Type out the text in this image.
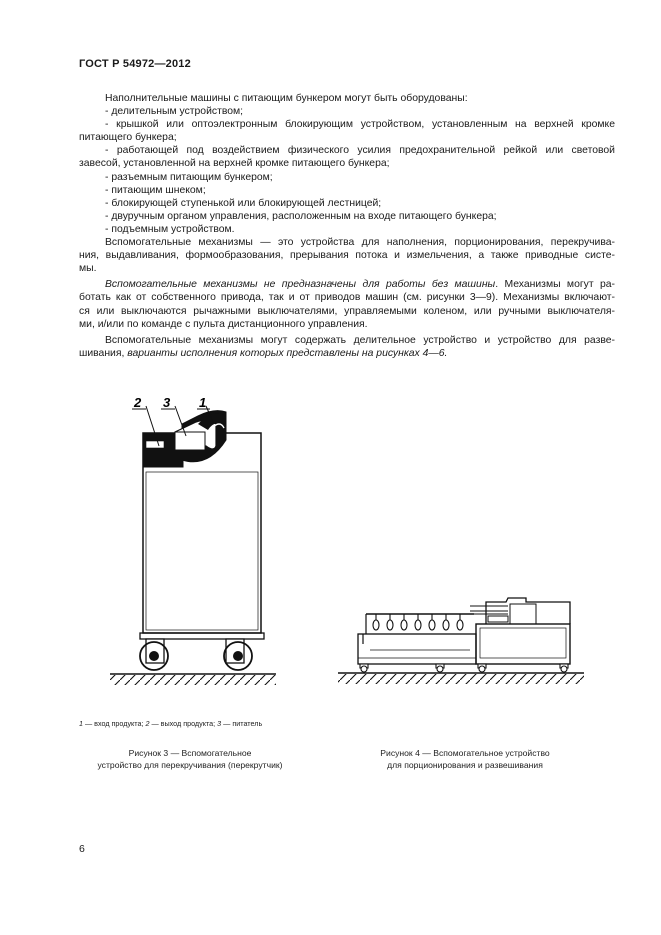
ГОСТ Р 54972—2012
Наполнительные машины с питающим бункером могут быть оборудованы:
- делительным устройством;
- крышкой или оптоэлектронным блокирующим устройством, установленным на верхней кромке
питающего бункера;
- работающей под воздействием физического усилия предохранительной рейкой или световой
завесой, установленной на верхней кромке питающего бункера;
- разъемным питающим бункером;
- питающим шнеком;
- блокирующей ступенькой или блокирующей лестницей;
- двуручным органом управления, расположенным на входе питающего бункера;
- подъемным устройством.
Вспомогательные механизмы — это устройства для наполнения, порционирования, перекручива-
ния, выдавливания, формообразования, прерывания потока и измельчения, а также приводные систе-
мы.
Вспомогательные механизмы не предназначены для работы без машины. Механизмы могут ра-
ботать как от собственного привода, так и от приводов машин (см. рисунки 3—9). Механизмы включают-
ся или выключаются рычажными выключателями, управляемыми коленом, или ручными выключателя-
ми, и/или по команде с пульта дистанционного управления.
Вспомогательные механизмы могут содержать делительное устройство и устройство для разве-
шивания, варианты исполнения которых представлены на рисунках 4—6.
2 3 1
1 — вход продукта; 2 — выход продукта; 3 — питатель
Рисунок 3 — Вспомогательное
устройство для перекручивания (перекрутчик)
Рисунок 4 — Вспомогательное устройство
для порционирования и развешивания
6
